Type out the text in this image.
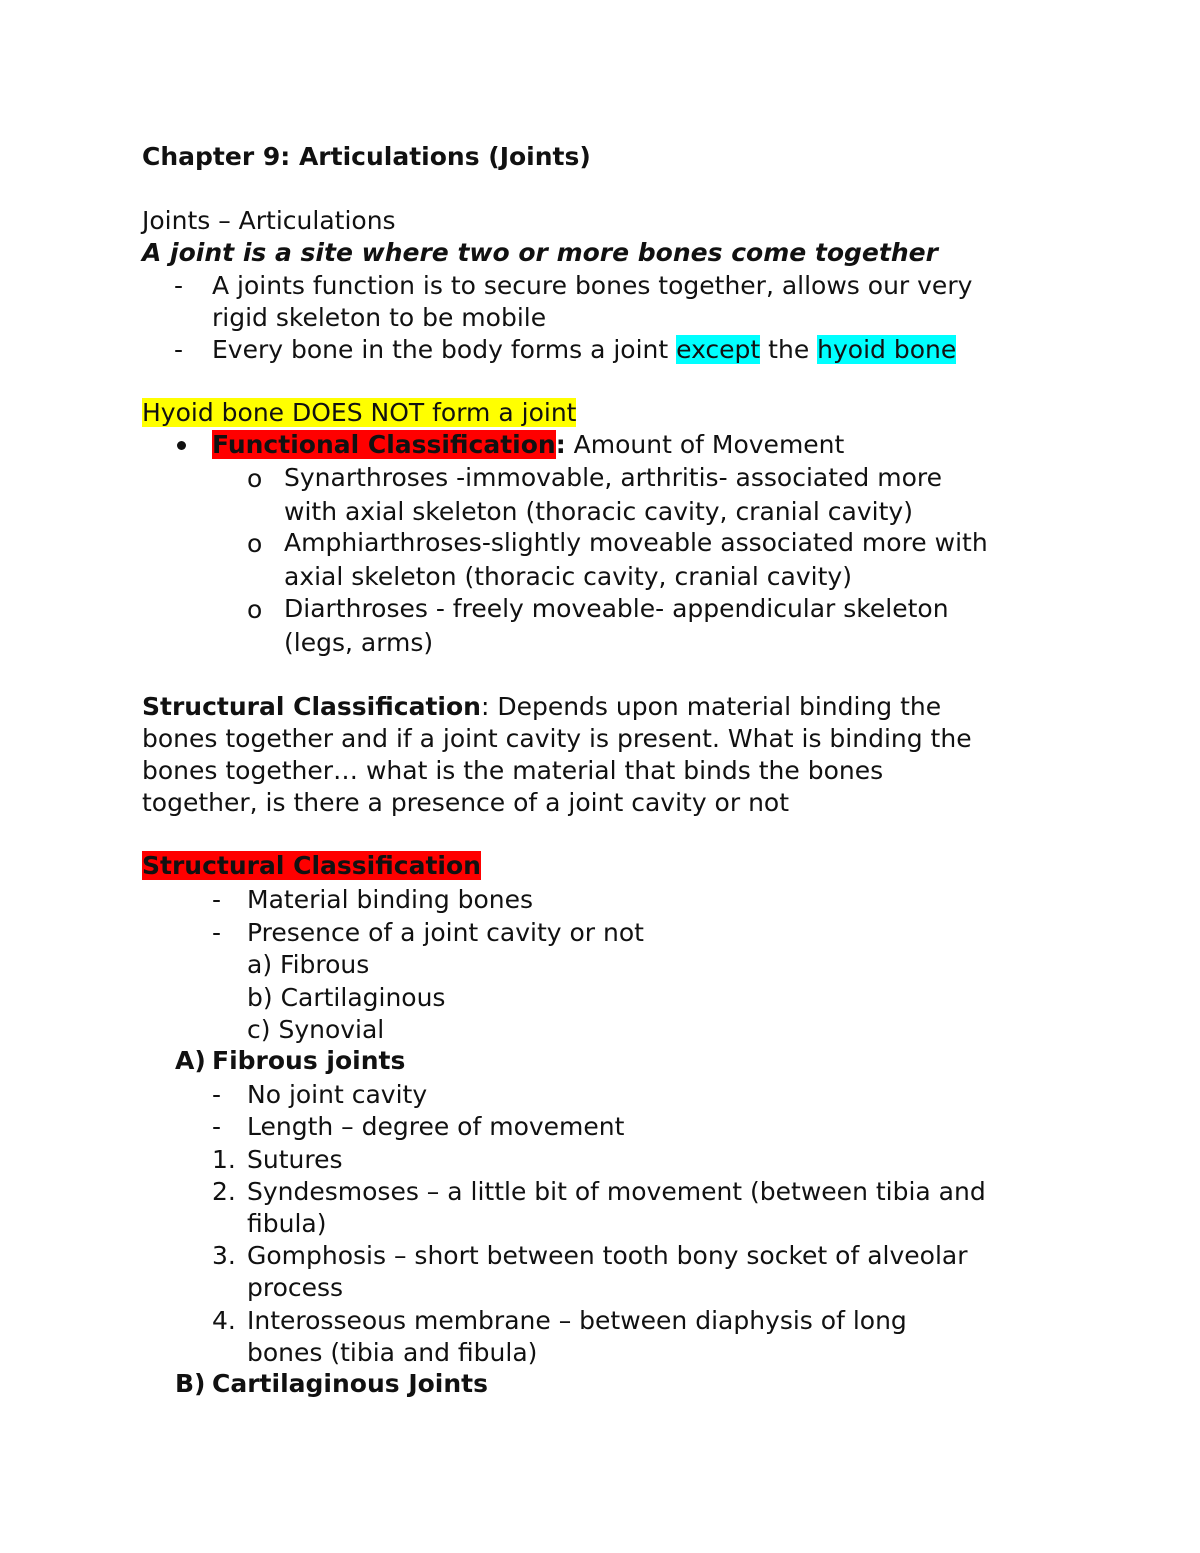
Chapter 9: Articulations (Joints)
Joints – Articulations
A joint is a site where two or more bones come together
- A joints function is to secure bones together, allows our very
rigid skeleton to be mobile
- Every bone in the body forms a joint except the hyoid bone
Hyoid bone DOES NOT form a joint
Functional Classification: Amount of Movement
o Synarthroses -immovable, arthritis- associated more
with axial skeleton (thoracic cavity, cranial cavity)
o Amphiarthroses-slightly moveable associated more with
axial skeleton (thoracic cavity, cranial cavity)
o Diarthroses - freely moveable- appendicular skeleton
(legs, arms)
Structural Classification: Depends upon material binding the
bones together and if a joint cavity is present. What is binding the
bones together… what is the material that binds the bones
together, is there a presence of a joint cavity or not
Structural Classification
- Material binding bones
- Presence of a joint cavity or not
a) Fibrous
b) Cartilaginous
c) Synovial
A) Fibrous joints
- No joint cavity
- Length – degree of movement
1. Sutures
2. Syndesmoses – a little bit of movement (between tibia and
fibula)
3. Gomphosis – short between tooth bony socket of alveolar
process
4. Interosseous membrane – between diaphysis of long
bones (tibia and fibula)
B) Cartilaginous Joints
